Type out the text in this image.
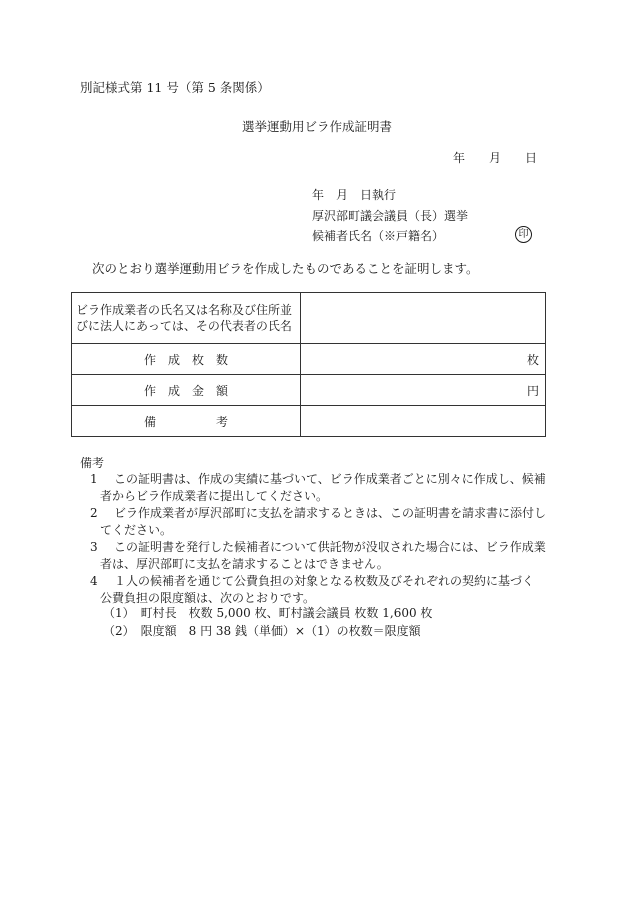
別記様式第 11 号（第 5 条関係）
選挙運動用ビラ作成証明書
年　　月　　日
年　月　日執行
厚沢部町議会議員（長）選挙
候補者氏名（※戸籍名）	印
次のとおり選挙運動用ビラを作成したものであることを証明します。
ビラ作成業者の氏名又は名称及び住所並びに法人にあっては、その代表者の氏名	
作　成　枚　数	枚
作　成　金　額	円
備　　　　　考	
備考
1 この証明書は、作成の実績に基づいて、ビラ作成業者ごとに別々に作成し、候補
者からビラ作成業者に提出してください。
2 ビラ作成業者が厚沢部町に支払を請求するときは、この証明書を請求書に添付し
てください。
3 この証明書を発行した候補者について供託物が没収された場合には、ビラ作成業
者は、厚沢部町に支払を請求することはできません。
4 １人の候補者を通じて公費負担の対象となる枚数及びそれぞれの契約に基づく
公費負担の限度額は、次のとおりです。
（1）　町村長　枚数 5,000 枚、町村議会議員 枚数 1,600 枚
（2）　限度額　8 円 38 銭（単価）×（1）の枚数＝限度額
